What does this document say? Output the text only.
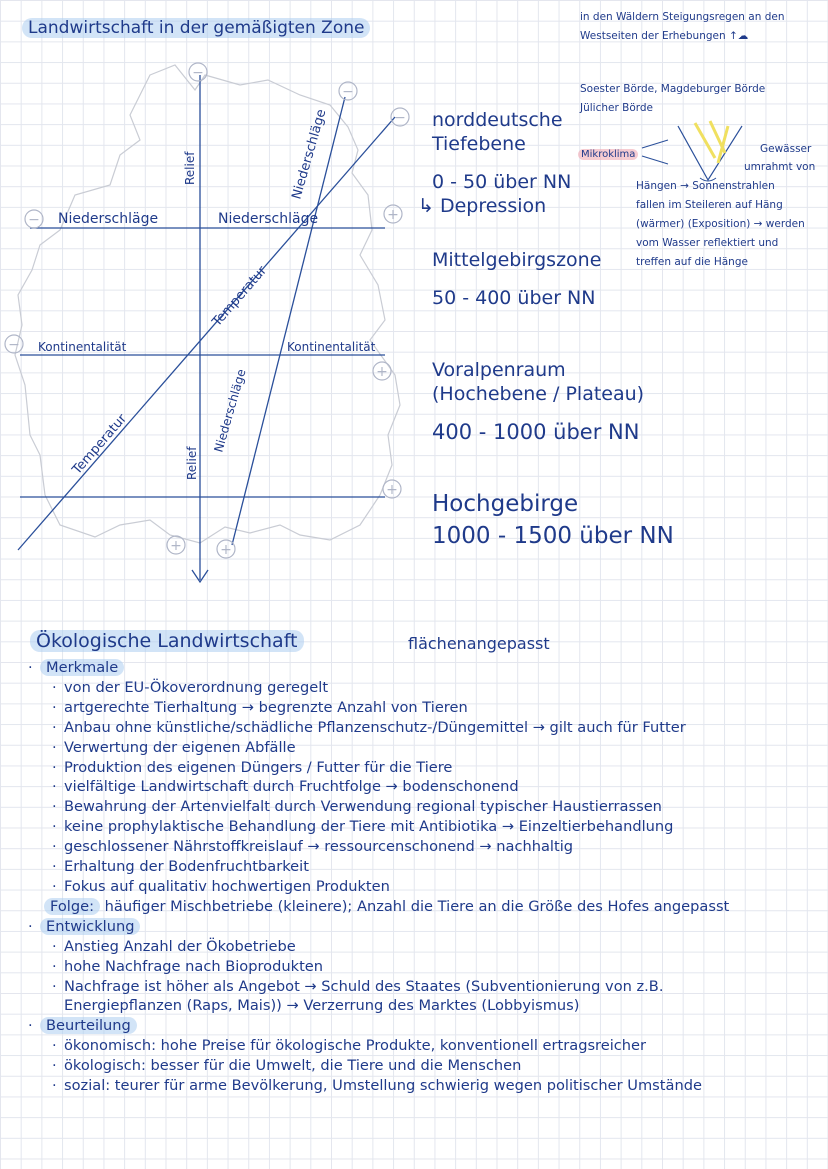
Landwirtschaft in der gemäßigten Zone
−
−
−
−
−
+
+
+
+	+
Relief
Relief
Niederschläge	Niederschläge
Niederschläge
Niederschläge
Temperatur
Temperatur
Kontinentalität	Kontinentalität
norddeutsche
Tiefebene
0 - 50 über NN
↳ Depression
Mittelgebirgszone
50 - 400 über NN
Voralpenraum
(Hochebene / Plateau)
400 - 1000 über NN
Hochgebirge
1000 - 1500 über NN
in den Wäldern Steigungsregen an den
Westseiten der Erhebungen ↑☁
Soester Börde, Magdeburger Börde
Jülicher Börde
Mikroklima	Gewässer
umrahmt von
Hängen → Sonnenstrahlen
fallen im Steileren auf Häng
(wärmer) (Exposition) → werden
vom Wasser reflektiert und
treffen auf die Hänge
Ökologische Landwirtschaft	flächenangepasst
· Merkmale
· von der EU-Ökoverordnung geregelt
· artgerechte Tierhaltung → begrenzte Anzahl von Tieren
· Anbau ohne künstliche/schädliche Pflanzenschutz-/Düngemittel → gilt auch für Futter
· Verwertung der eigenen Abfälle
· Produktion des eigenen Düngers / Futter für die Tiere
· vielfältige Landwirtschaft durch Fruchtfolge → bodenschonend
· Bewahrung der Artenvielfalt durch Verwendung regional typischer Haustierrassen
· keine prophylaktische Behandlung der Tiere mit Antibiotika → Einzeltierbehandlung
· geschlossener Nährstoffkreislauf → ressourcenschonend → nachhaltig
· Erhaltung der Bodenfruchtbarkeit
· Fokus auf qualitativ hochwertigen Produkten
Folge: häufiger Mischbetriebe (kleinere); Anzahl die Tiere an die Größe des Hofes angepasst
· Entwicklung
· Anstieg Anzahl der Ökobetriebe
· hohe Nachfrage nach Bioprodukten
· Nachfrage ist höher als Angebot → Schuld des Staates (Subventionierung von z.B.
Energiepflanzen (Raps, Mais)) → Verzerrung des Marktes (Lobbyismus)
· Beurteilung
· ökonomisch: hohe Preise für ökologische Produkte, konventionell ertragsreicher
· ökologisch: besser für die Umwelt, die Tiere und die Menschen
· sozial: teurer für arme Bevölkerung, Umstellung schwierig wegen politischer Umstände
